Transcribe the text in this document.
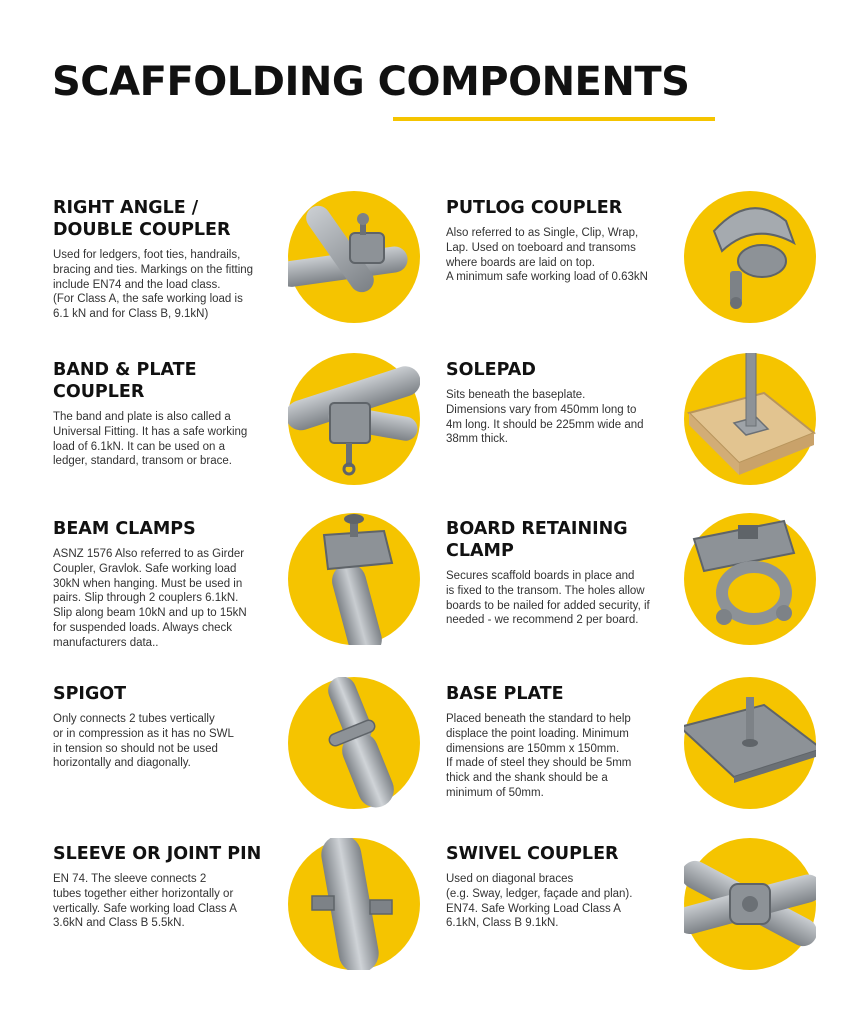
SCAFFOLDING COMPONENTS
RIGHT ANGLE /
DOUBLE COUPLER

Used for ledgers, foot ties, handrails,
bracing and ties. Markings on the fitting
include EN74 and the load class.
(For Class A, the safe working load is
6.1 kN and for Class B, 9.1kN)

PUTLOG COUPLER

Also referred to as Single, Clip, Wrap,
Lap. Used on toeboard and transoms
where boards are laid on top.
A minimum safe working load of 0.63kN

BAND & PLATE
COUPLER

The band and plate is also called a
Universal Fitting. It has a safe working
load of 6.1kN. It can be used on a
ledger, standard, transom or brace.

SOLEPAD

Sits beneath the baseplate.
Dimensions vary from 450mm long to
4m long. It should be 225mm wide and
38mm thick.

BEAM CLAMPS

ASNZ 1576 Also referred to as Girder
Coupler, Gravlok. Safe working load
30kN when hanging. Must be used in
pairs. Slip through 2 couplers 6.1kN.
Slip along beam 10kN and up to 15kN
for suspended loads. Always check
manufacturers data..

BOARD RETAINING
CLAMP

Secures scaffold boards in place and
is fixed to the transom. The holes allow
boards to be nailed for added security, if
needed - we recommend 2 per board.

SPIGOT

Only connects 2 tubes vertically
or in compression as it has no SWL
in tension so should not be used
horizontally and diagonally.

BASE PLATE

Placed beneath the standard to help
displace the point loading. Minimum
dimensions are 150mm x 150mm.
If made of steel they should be 5mm
thick and the shank should be a
minimum of 50mm.

SLEEVE OR JOINT PIN

EN 74. The sleeve connects 2
tubes together either horizontally or
vertically. Safe working load Class A
3.6kN and Class B 5.5kN.

SWIVEL COUPLER

Used on diagonal braces
(e.g. Sway, ledger, façade and plan).
EN74. Safe Working Load Class A
6.1kN, Class B 9.1kN.
